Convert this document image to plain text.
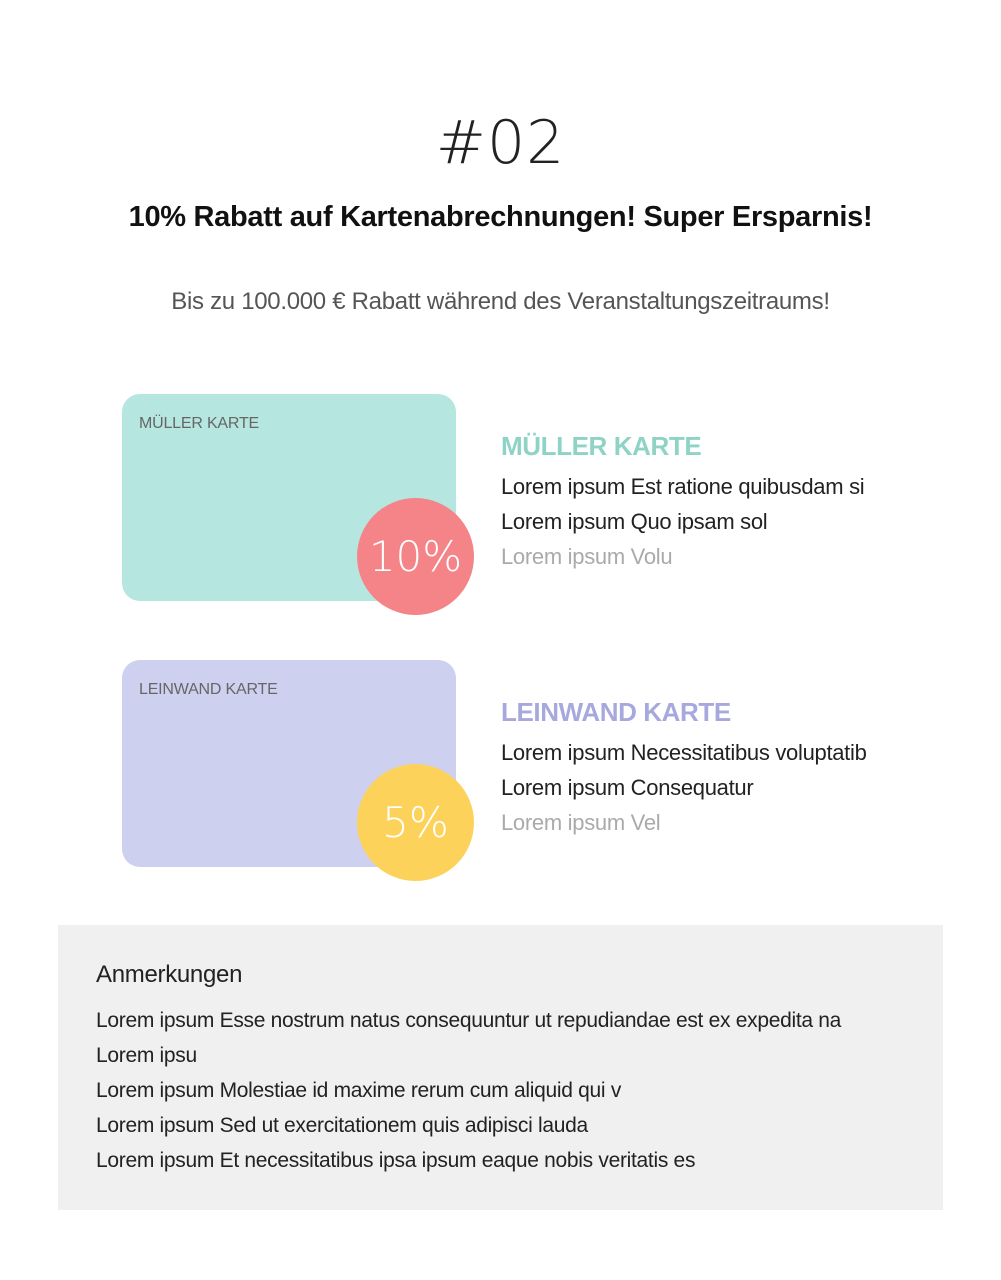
#02
10% Rabatt auf Kartenabrechnungen! Super Ersparnis!
Bis zu 100.000 € Rabatt während des Veranstaltungszeitraums!
MÜLLER KARTE
10%
MÜLLER KARTE
Lorem ipsum Est ratione quibusdam si
Lorem ipsum Quo ipsam sol
Lorem ipsum Volu
LEINWAND KARTE
5%
LEINWAND KARTE
Lorem ipsum Necessitatibus voluptatib
Lorem ipsum Consequatur
Lorem ipsum Vel
Anmerkungen
Lorem ipsum Esse nostrum natus consequuntur ut repudiandae est ex expedita na
Lorem ipsu
Lorem ipsum Molestiae id maxime rerum cum aliquid qui v
Lorem ipsum Sed ut exercitationem quis adipisci lauda
Lorem ipsum Et necessitatibus ipsa ipsum eaque nobis veritatis es
